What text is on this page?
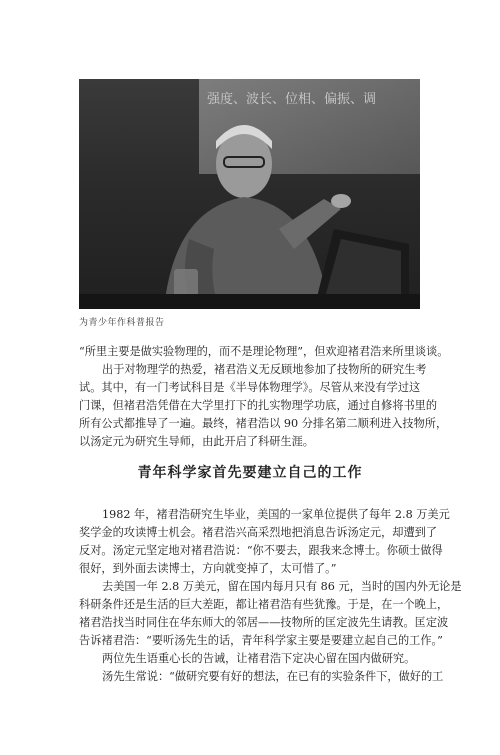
强度、波长、位相、偏振、调
为青少年作科普报告
“所里主要是做实验物理的，而不是理论物理”，但欢迎褚君浩来所里谈谈。
出于对物理学的热爱，褚君浩义无反顾地参加了技物所的研究生考
试。其中，有一门考试科目是《半导体物理学》。尽管从来没有学过这
门课，但褚君浩凭借在大学里打下的扎实物理学功底，通过自修将书里的
所有公式都推导了一遍。最终，褚君浩以 90 分排名第二顺利进入技物所，
以汤定元为研究生导师，由此开启了科研生涯。
青年科学家首先要建立自己的工作
1982 年，褚君浩研究生毕业，美国的一家单位提供了每年 2.8 万美元
奖学金的攻读博士机会。褚君浩兴高采烈地把消息告诉汤定元，却遭到了
反对。汤定元坚定地对褚君浩说：“你不要去，跟我来念博士。你硕士做得
很好，到外面去读博士，方向就变掉了，太可惜了。”
去美国一年 2.8 万美元，留在国内每月只有 86 元，当时的国内外无论是
科研条件还是生活的巨大差距，都让褚君浩有些犹豫。于是，在一个晚上，
褚君浩找当时同住在华东师大的邻居——技物所的匡定波先生请教。匡定波
告诉褚君浩：“要听汤先生的话，青年科学家主要是要建立起自己的工作。”
两位先生语重心长的告诫，让褚君浩下定决心留在国内做研究。
汤先生常说：“做研究要有好的想法，在已有的实验条件下，做好的工
